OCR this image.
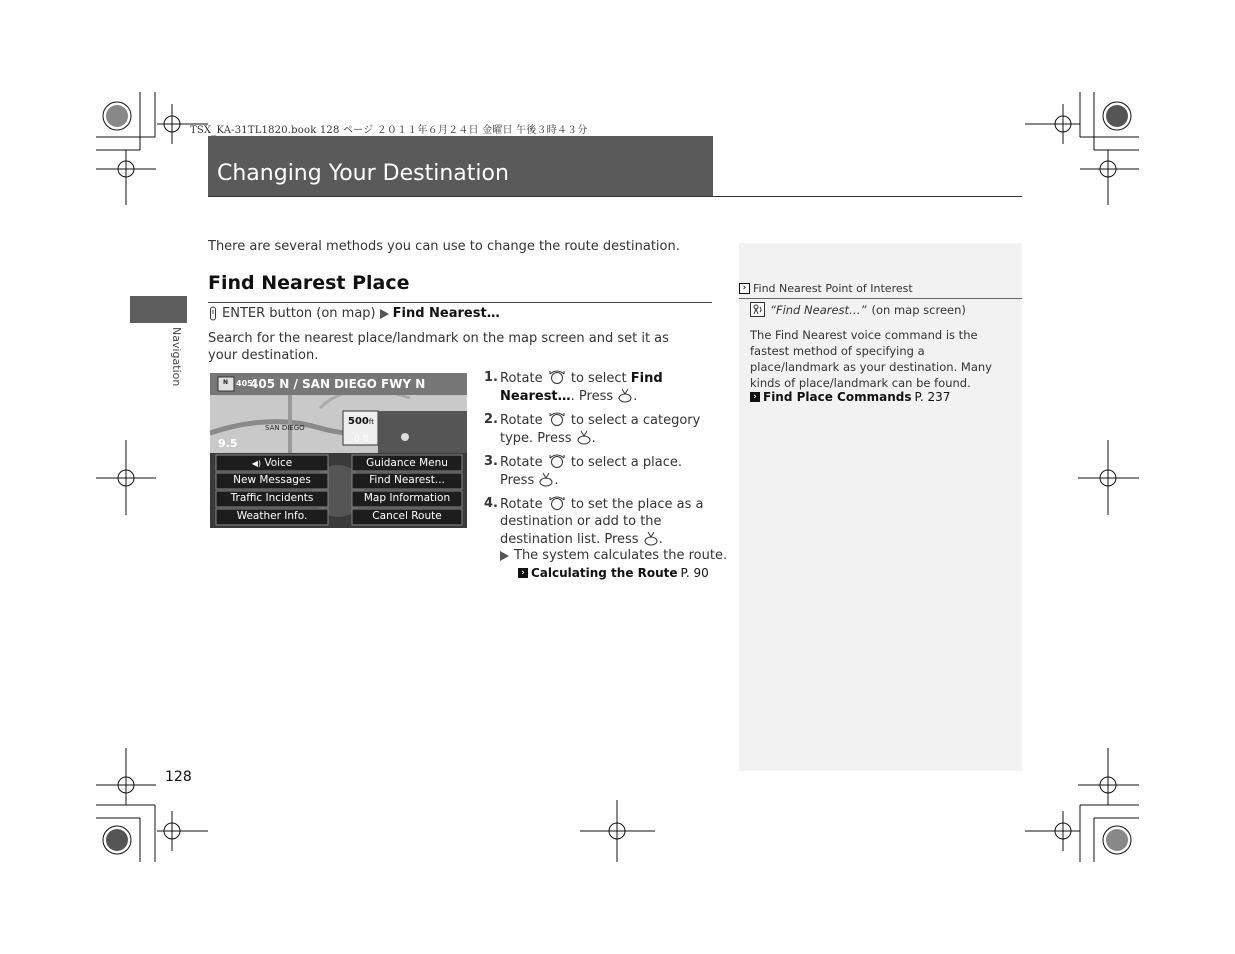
TSX_KA-31TL1820.book 128 ページ ２０１１年６月２４日 金曜日 午後３時４３分
Changing Your Destination
Navigation
There are several methods you can use to change the route destination.
Find Nearest Place
ENTER button (on map) Find Nearest…
Search for the nearest place/landmark on the map screen and set it as your destination.
405 N / SAN DIEGO FWY N
N 405
SAN DIEGO
9.5
500ft
0 ft
◀) Voice
New Messages
Traffic Incidents
Weather Info.
Guidance Menu
Find Nearest...
Map Information
Cancel Route
1. Rotate to select Find Nearest…. Press .
2. Rotate to select a category type. Press .
3. Rotate to select a place. Press .
4. Rotate to set the place as a destination or add to the destination list. Press .
The system calculates the route.
› Calculating the Route P. 90
› Find Nearest Point of Interest
“Find Nearest…” (on map screen)
The Find Nearest voice command is the fastest method of specifying a place/landmark as your destination. Many kinds of place/landmark can be found.
› Find Place Commands P. 237
128
